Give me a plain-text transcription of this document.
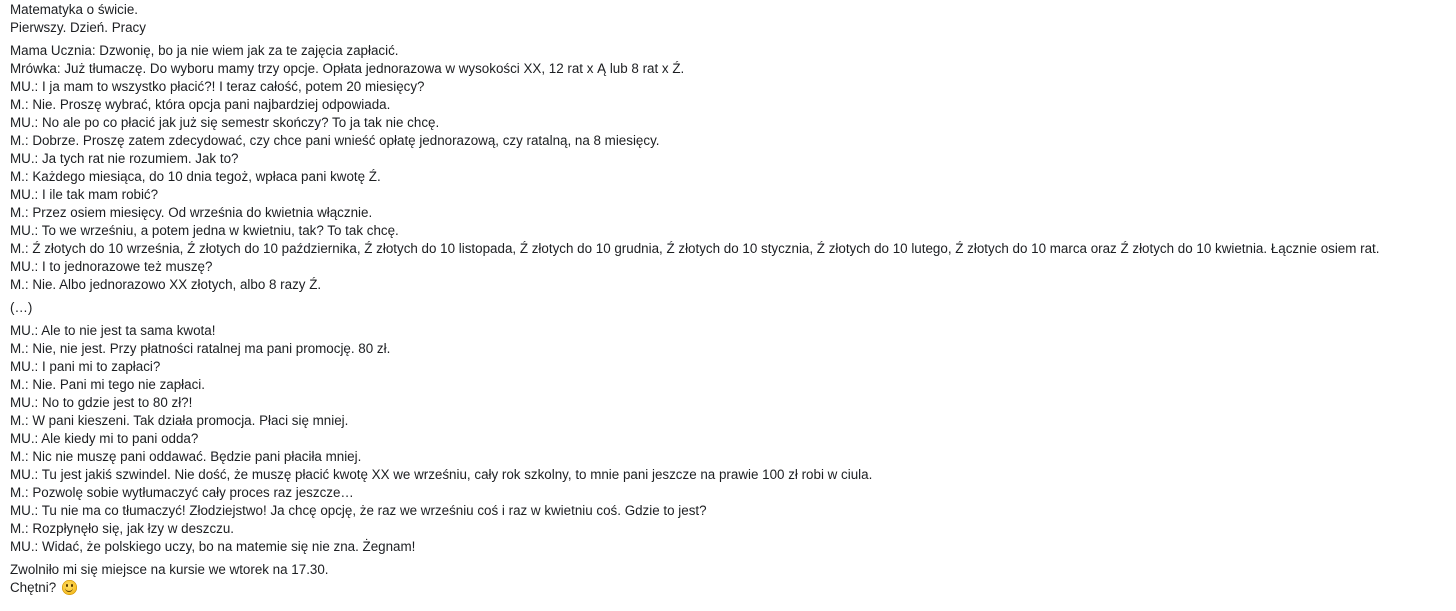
Matematyka o świcie.
Pierwszy. Dzień. Pracy
Mama Ucznia: Dzwonię, bo ja nie wiem jak za te zajęcia zapłacić.
Mrówka: Już tłumaczę. Do wyboru mamy trzy opcje. Opłata jednorazowa w wysokości XX, 12 rat x Ą lub 8 rat x Ź.
MU.: I ja mam to wszystko płacić?! I teraz całość, potem 20 miesięcy?
M.: Nie. Proszę wybrać, która opcja pani najbardziej odpowiada.
MU.: No ale po co płacić jak już się semestr skończy? To ja tak nie chcę.
M.: Dobrze. Proszę zatem zdecydować, czy chce pani wnieść opłatę jednorazową, czy ratalną, na 8 miesięcy.
MU.: Ja tych rat nie rozumiem. Jak to?
M.: Każdego miesiąca, do 10 dnia tegoż, wpłaca pani kwotę Ź.
MU.: I ile tak mam robić?
M.: Przez osiem miesięcy. Od września do kwietnia włącznie.
MU.: To we wrześniu, a potem jedna w kwietniu, tak? To tak chcę.
M.: Ź złotych do 10 września, Ź złotych do 10 października, Ź złotych do 10 listopada, Ź złotych do 10 grudnia, Ź złotych do 10 stycznia, Ź złotych do 10 lutego, Ź złotych do 10 marca oraz Ź złotych do 10 kwietnia. Łącznie osiem rat.
MU.: I to jednorazowe też muszę?
M.: Nie. Albo jednorazowo XX złotych, albo 8 razy Ź.
(…)
MU.: Ale to nie jest ta sama kwota!
M.: Nie, nie jest. Przy płatności ratalnej ma pani promocję. 80 zł.
MU.: I pani mi to zapłaci?
M.: Nie. Pani mi tego nie zapłaci.
MU.: No to gdzie jest to 80 zł?!
M.: W pani kieszeni. Tak działa promocja. Płaci się mniej.
MU.: Ale kiedy mi to pani odda?
M.: Nic nie muszę pani oddawać. Będzie pani płaciła mniej.
MU.: Tu jest jakiś szwindel. Nie dość, że muszę płacić kwotę XX we wrześniu, cały rok szkolny, to mnie pani jeszcze na prawie 100 zł robi w ciula.
M.: Pozwolę sobie wytłumaczyć cały proces raz jeszcze…
MU.: Tu nie ma co tłumaczyć! Złodziejstwo! Ja chcę opcję, że raz we wrześniu coś i raz w kwietniu coś. Gdzie to jest?
M.: Rozpłynęło się, jak łzy w deszczu.
MU.: Widać, że polskiego uczy, bo na matemie się nie zna. Żegnam!
Zwolniło mi się miejsce na kursie we wtorek na 17.30.
Chętni?
